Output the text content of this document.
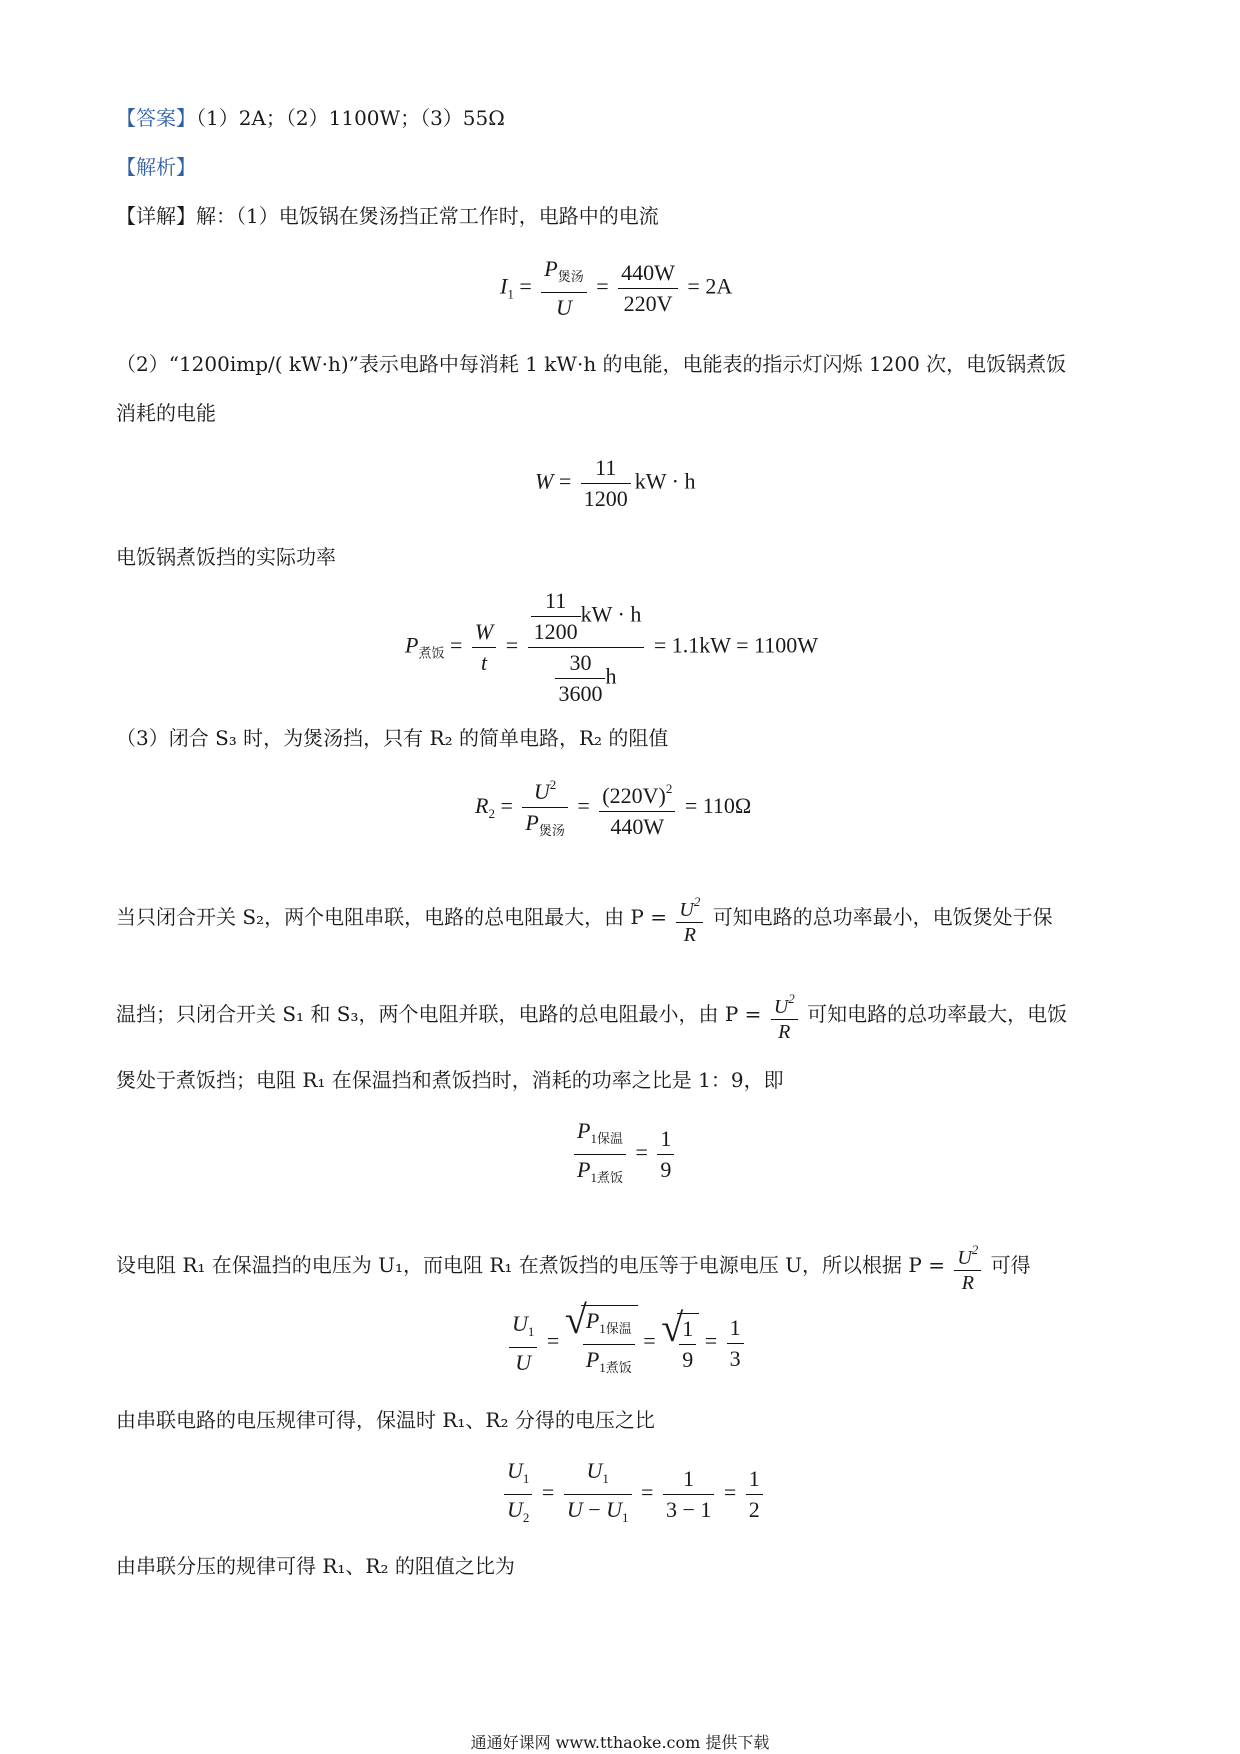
【答案】（1）2A；（2）1100W；（3）55Ω
【解析】
【详解】解：（1）电饭锅在煲汤挡正常工作时，电路中的电流
$I_1 = \frac{P_{煲汤}}{U} = \frac{440W}{220V} = 2A$
（2）“1200imp/( kW·h)”表示电路中每消耗 1 kW·h 的电能，电能表的指示灯闪烁 1200 次，电饭锅煮饭
消耗的电能
$W = \frac{11}{1200}$ kW · h
电饭锅煮饭挡的实际功率
$P_{煮饭} = \frac{W}{t} = \frac{\frac{11}{1200} kW \cdot h}{\frac{30}{3600} h} = 1.1kW = 1100W$
（3）闭合 S₃ 时，为煲汤挡，只有 R₂ 的简单电路，R₂ 的阻值
$R_2 = \frac{U^2}{P_{煲汤}} = \frac{(220V)^2}{440W} = 110\Omega$
当只闭合开关 S₂，两个电阻串联，电路的总电阻最大，由 $P = \frac{U^2}{R}$ 可知电路的总功率最小，电饭煲处于保
温挡；只闭合开关 S₁ 和 S₃，两个电阻并联，电路的总电阻最小，由 $P = \frac{U^2}{R}$ 可知电路的总功率最大，电饭
煲处于煮饭挡；电阻 R₁ 在保温挡和煮饭挡时，消耗的功率之比是 1：9，即
$\frac{P_{1保温}}{P_{1煮饭}} = \frac{1}{9}$
设电阻 R₁ 在保温挡的电压为 U₁，而电阻 R₁ 在煮饭挡的电压等于电源电压 U，所以根据 $P = \frac{U^2}{R}$ 可得
$\frac{U_1}{U}$ = √ $\frac{P_{1保温}}{P_{1煮饭}}$ = √ $\frac{1}{9} = \frac{1}{3}$
由串联电路的电压规律可得，保温时 R₁、R₂ 分得的电压之比
$\frac{U_1}{U_2} = \frac{U_1}{U - U_1} = \frac{1}{3 - 1} = \frac{1}{2}$
由串联分压的规律可得 R₁、R₂ 的阻值之比为
通通好课网 www.tthaoke.com 提供下载
